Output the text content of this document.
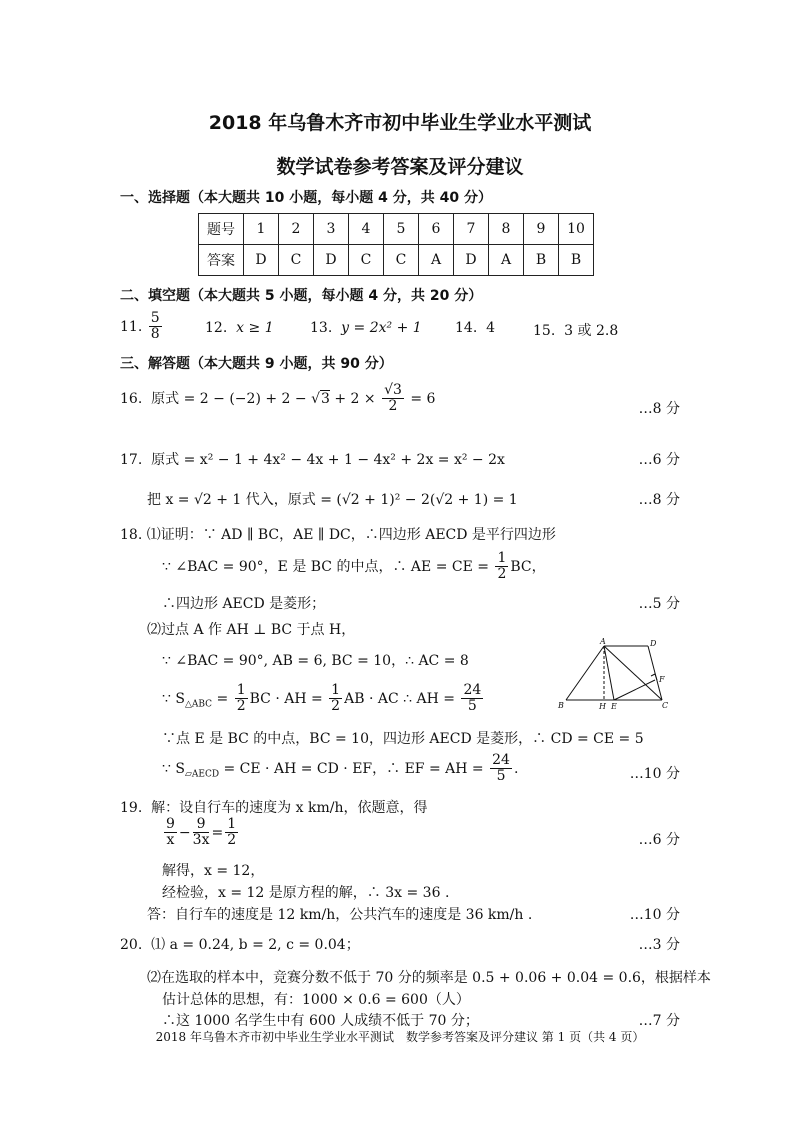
2018 年乌鲁木齐市初中毕业生学业水平测试
数学试卷参考答案及评分建议
一、选择题（本大题共 10 小题，每小题 4 分，共 40 分）
题号	1	2	3	4	5	6	7	8	9	10
答案	D	C	D	C	C	A	D	A	B	B
二、填空题（本大题共 5 小题，每小题 4 分，共 20 分）
11. $\frac{5}{8}$	12. x ≥ 1	13. y = 2x² + 1 14. 4	15. 3 或 2.8
三、解答题（本大题共 9 小题，共 90 分）
16. 原式 = $2 - (-2) + 2 - √3 + 2 \times \frac{√3}{2} = 6$
…8 分
17. 原式 = x² − 1 + 4x² − 4x + 1 − 4x² + 2x = x² − 2x	…6 分
把 x = √2 + 1 代入，原式 = (√2 + 1)² − 2(√2 + 1) = 1	…8 分
18. ⑴证明：∵ AD ∥ BC，AE ∥ DC，∴四边形 AECD 是平行四边形
∵ ∠BAC = 90°，E 是 BC 的中点，∴ AE = CE = $\frac{1}{2}$ BC，
∴四边形 AECD 是菱形；	…5 分
⑵过点 A 作 AH ⊥ BC 于点 H，
∵ ∠BAC = 90°, AB = 6, BC = 10，∴ AC = 8
∵ $S_{\triangle ABC} = \frac{1}{2}$ BC · AH = $\frac{1}{2}$ AB · AC ∴ AH = $\frac{24}{5}$
∵点 E 是 BC 的中点，BC = 10，四边形 AECD 是菱形，∴ CD = CE = 5
∵ $S_{▱AECD}$ = CE · AH = CD · EF，∴ EF = AH = $\frac{24}{5}$ .	…10 分
A	D
B	H E	C
F
19. 解：设自行车的速度为 x km/h，依题意，得
$\frac{9}{x} - \frac{9}{3x} = \frac{1}{2}$	…6 分
解得，x = 12，
经检验，x = 12 是原方程的解，∴ 3x = 36 .
答：自行车的速度是 12 km/h，公共汽车的速度是 36 km/h .	…10 分
20. ⑴ a = 0.24, b = 2, c = 0.04；	…3 分
⑵在选取的样本中，竞赛分数不低于 70 分的频率是 0.5 + 0.06 + 0.04 = 0.6，根据样本
估计总体的思想，有：1000 × 0.6 = 600（人）
∴这 1000 名学生中有 600 人成绩不低于 70 分；	…7 分
2018 年乌鲁木齐市初中毕业生学业水平测试　数学参考答案及评分建议 第 1 页（共 4 页）
